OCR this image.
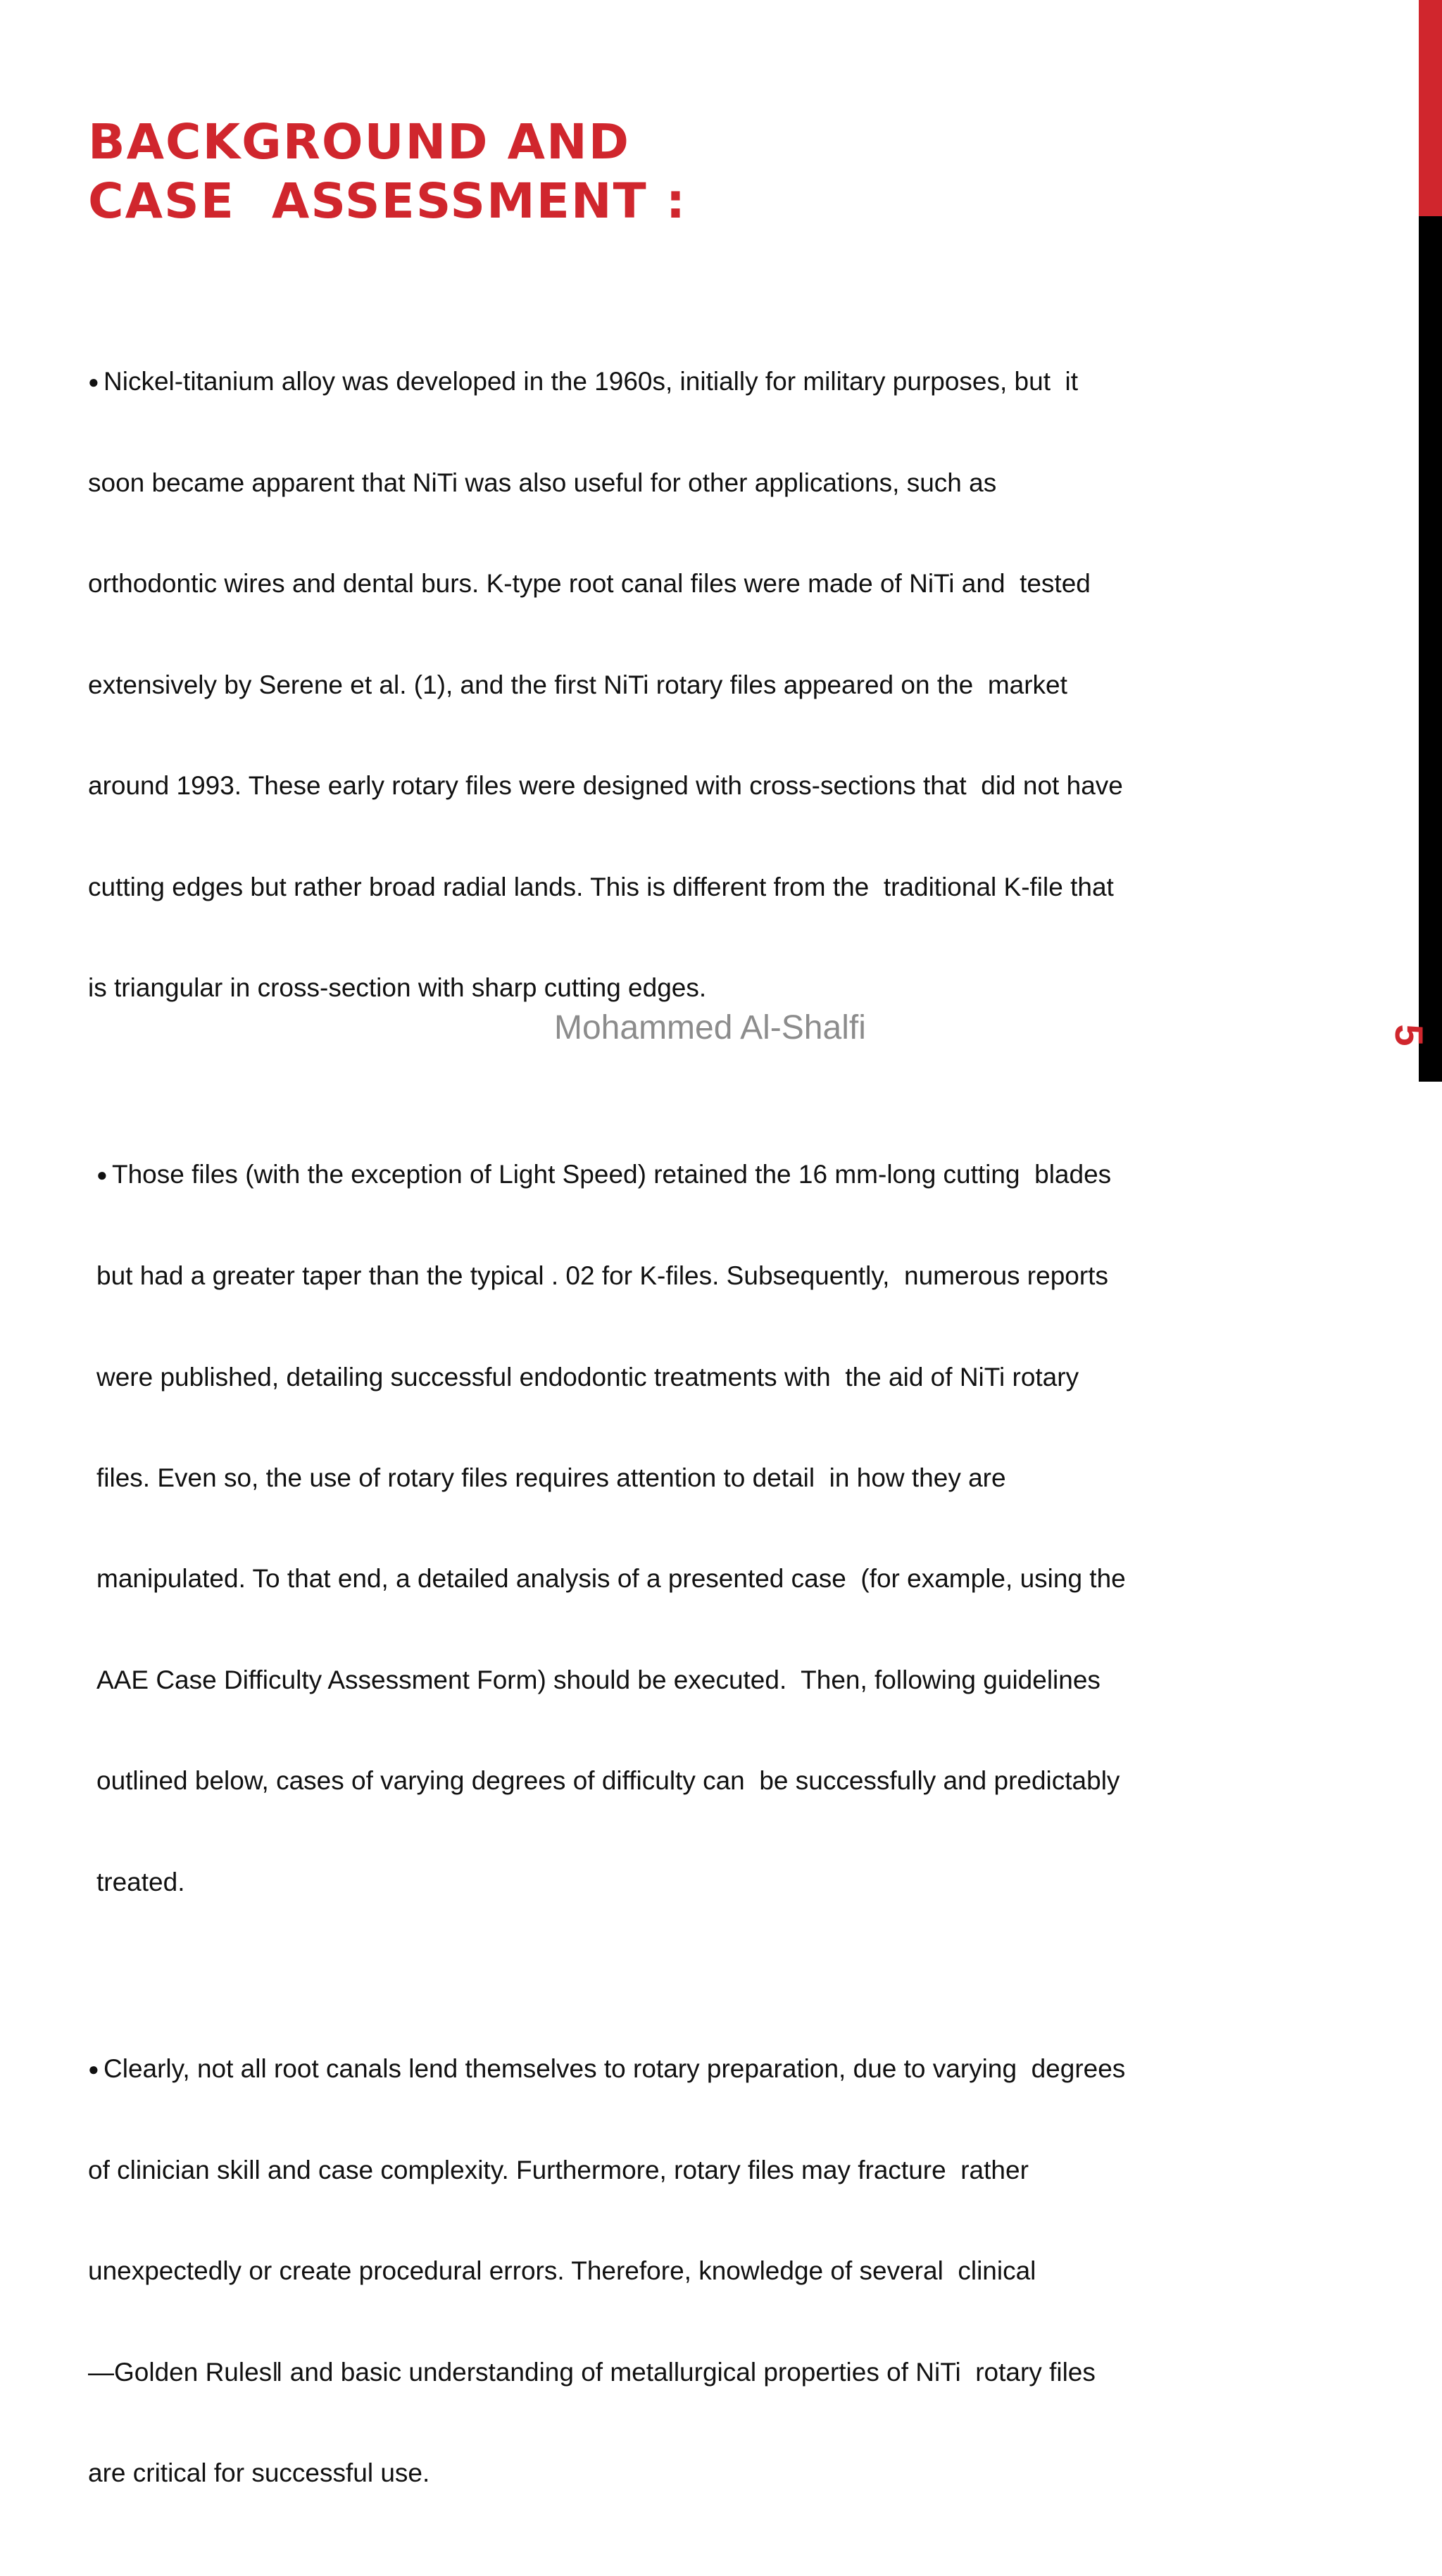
BACKGROUND AND
CASE  ASSESSMENT :

● Nickel-titanium alloy was developed in the 1960s, initially for military purposes, but  it

soon became apparent that NiTi was also useful for other applications, such as

orthodontic wires and dental burs. K-type root canal files were made of NiTi and  tested

extensively by Serene et al. (1), and the first NiTi rotary files appeared on the  market

around 1993. These early rotary files were designed with cross-sections that  did not have

cutting edges but rather broad radial lands. This is different from the  traditional K-file that

is triangular in cross-section with sharp cutting edges.

● Those files (with the exception of Light Speed) retained the 16 mm-long cutting  blades

but had a greater taper than the typical . 02 for K-files. Subsequently,  numerous reports

were published, detailing successful endodontic treatments with  the aid of NiTi rotary

files. Even so, the use of rotary files requires attention to detail  in how they are

manipulated. To that end, a detailed analysis of a presented case  (for example, using the

AAE Case Difficulty Assessment Form) should be executed.  Then, following guidelines

outlined below, cases of varying degrees of difficulty can  be successfully and predictably

treated.

● Clearly, not all root canals lend themselves to rotary preparation, due to varying  degrees

of clinician skill and case complexity. Furthermore, rotary files may fracture  rather

unexpectedly or create procedural errors. Therefore, knowledge of several  clinical

—Golden Rules‖ and basic understanding of metallurgical properties of NiTi  rotary files

are critical for successful use.

Mohammed Al-Shalfi	5
